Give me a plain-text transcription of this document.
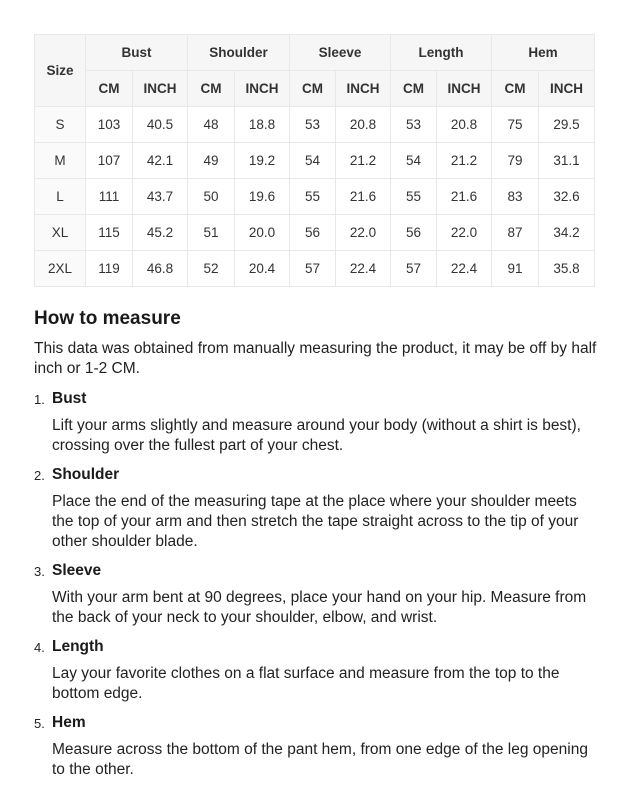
Size	Bust		Shoulder		Sleeve		Length		Hem	
	CM	INCH	CM	INCH	CM	INCH	CM	INCH	CM	INCH
S	103	40.5	48	18.8	53	20.8	53	20.8	75	29.5
M	107	42.1	49	19.2	54	21.2	54	21.2	79	31.1
L	111	43.7	50	19.6	55	21.6	55	21.6	83	32.6
XL	115	45.2	51	20.0	56	22.0	56	22.0	87	34.2
2XL	119	46.8	52	20.4	57	22.4	57	22.4	91	35.8
How to measure

This data was obtained from manually measuring the product, it may be off by half inch or 1-2 CM.

1. Bust

Lift your arms slightly and measure around your body (without a shirt is best), crossing over the fullest part of your chest.

2. Shoulder

Place the end of the measuring tape at the place where your shoulder meets the top of your arm and then stretch the tape straight across to the tip of your other shoulder blade.

3. Sleeve

With your arm bent at 90 degrees, place your hand on your hip. Measure from the back of your neck to your shoulder, elbow, and wrist.

4. Length

Lay your favorite clothes on a flat surface and measure from the top to the bottom edge.

5. Hem

Measure across the bottom of the pant hem, from one edge of the leg opening to the other.
